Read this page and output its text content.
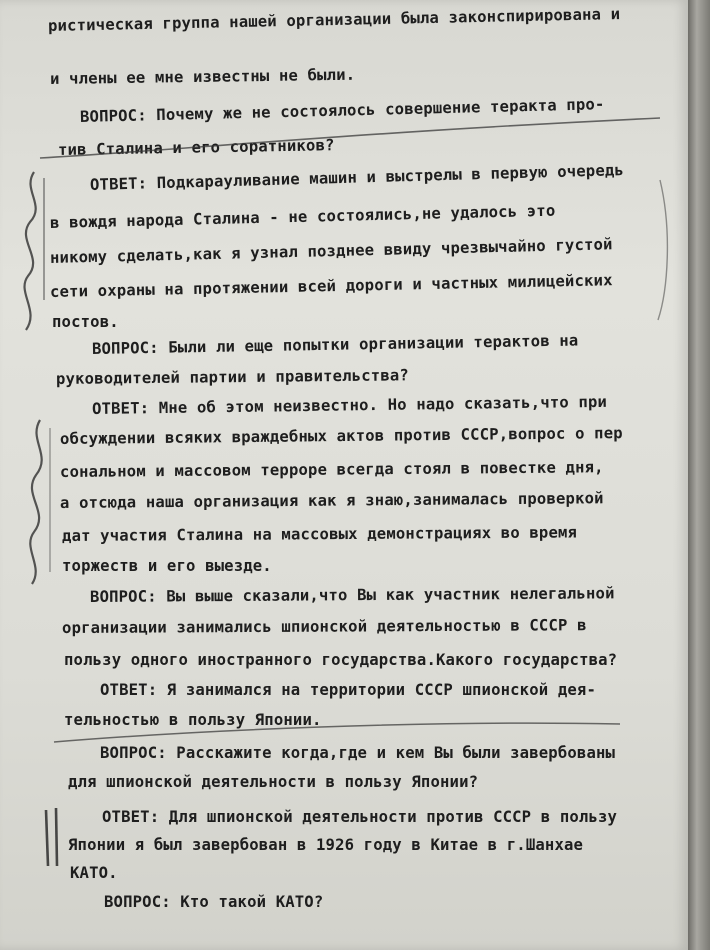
ристическая группа нашей организации была законспирирована и
и члены ее мне известны не были.
ВОПРОС: Почему же не состоялось совершение теракта про-
тив Сталина и его соратников?
ОТВЕТ: Подкарауливание машин и выстрелы в первую очередь
в вождя народа Сталина - не состоялись,не удалось это
никому сделать,как я узнал позднее ввиду чрезвычайно густой
сети охраны на протяжении всей дороги и частных милицейских
постов.
ВОПРОС: Были ли еще попытки организации терактов на
руководителей партии и правительства?
ОТВЕТ: Мне об этом неизвестно. Но надо сказать,что при
обсуждении всяких враждебных актов против СССР,вопрос о пер
сональном и массовом терроре всегда стоял в повестке дня,
а отсюда наша организация как я знаю,занималась проверкой
дат участия Сталина на массовых демонстрациях во время
торжеств и его выезде.
ВОПРОС: Вы выше сказали,что Вы как участник нелегальной
организации занимались шпионской деятельностью в СССР в
пользу одного иностранного государства.Какого государства?
ОТВЕТ: Я занимался на территории СССР шпионской дея-
тельностью в пользу Японии.
ВОПРОС: Расскажите когда,где и кем Вы были завербованы
для шпионской деятельности в пользу Японии?
ОТВЕТ: Для шпионской деятельности против СССР в пользу
Японии я был завербован в 1926 году в Китае в г.Шанхае
КАТО.
ВОПРОС: Кто такой КАТО?
